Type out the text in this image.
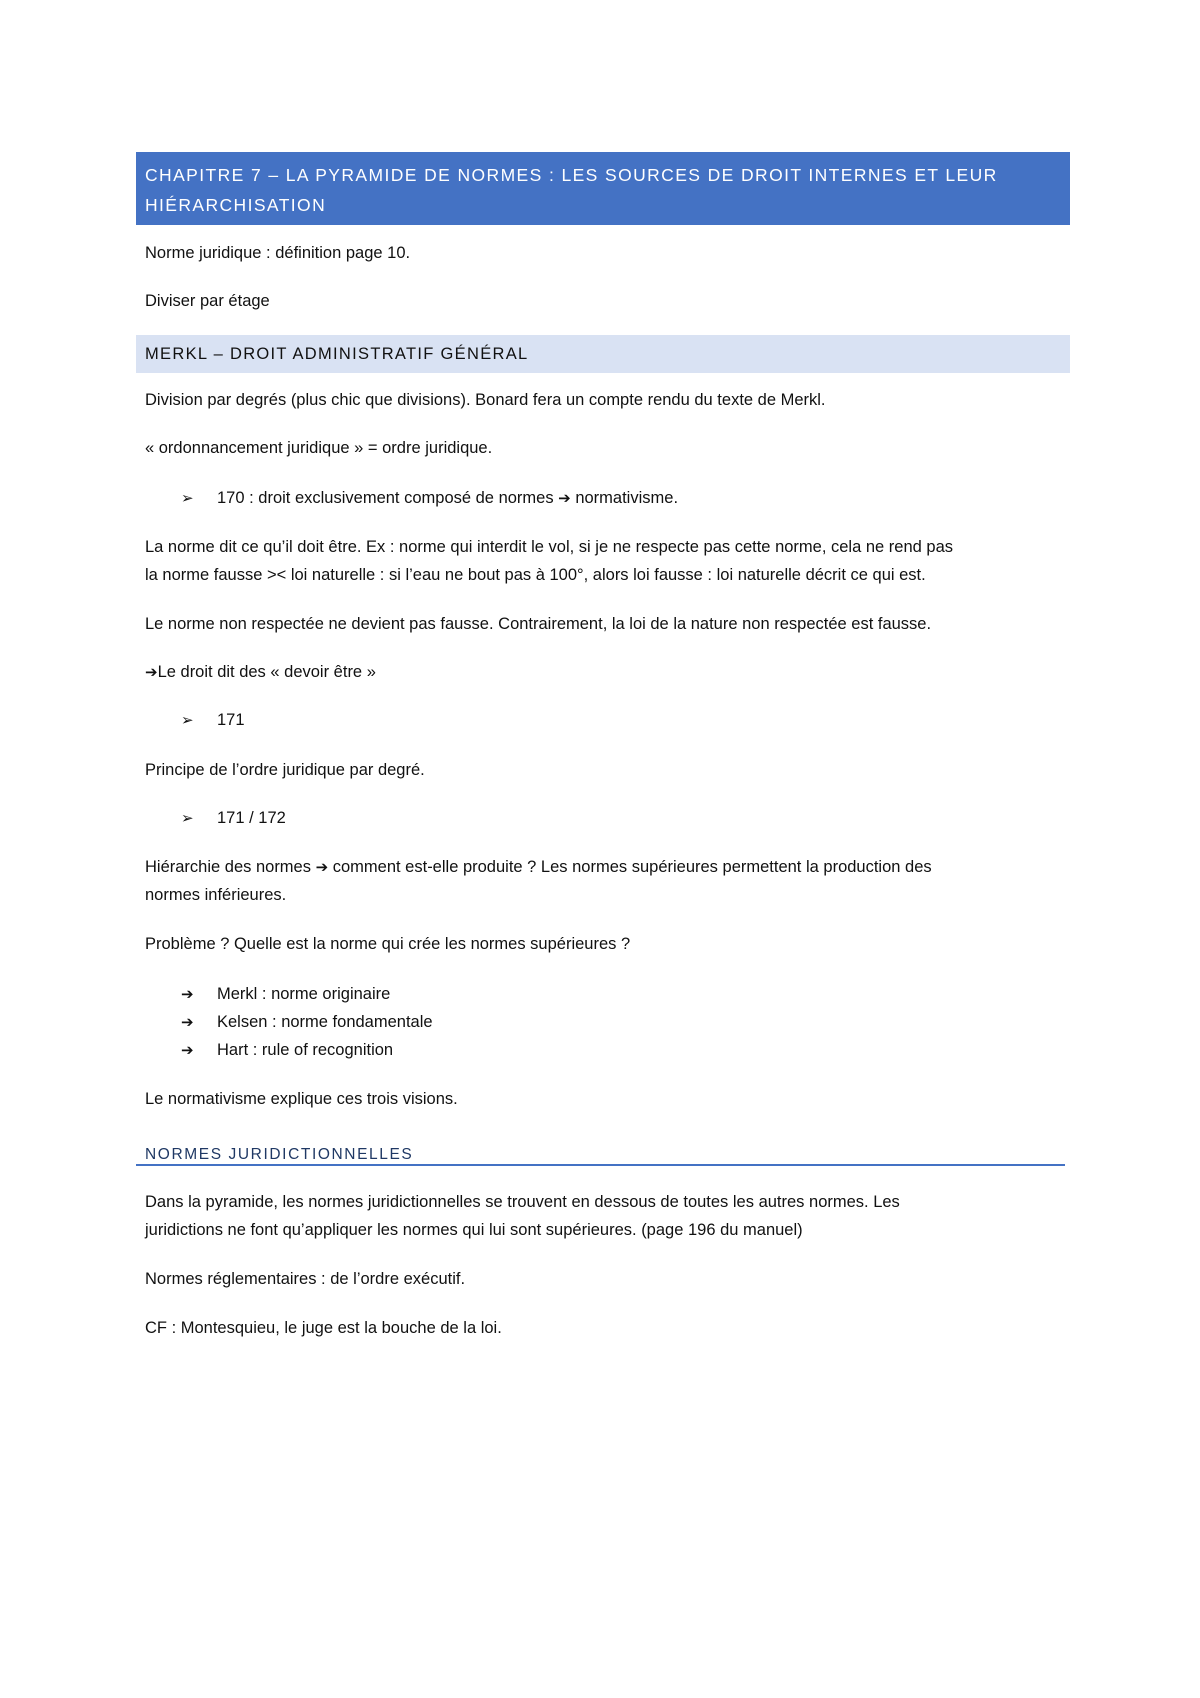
CHAPITRE 7 – LA PYRAMIDE DE NORMES : LES SOURCES DE DROIT INTERNES ET LEUR
HIÉRARCHISATION
Norme juridique : définition page 10.
Diviser par étage
MERKL – DROIT ADMINISTRATIF GÉNÉRAL
Division par degrés (plus chic que divisions). Bonard fera un compte rendu du texte de Merkl.
« ordonnancement juridique » = ordre juridique.
➢ 170 : droit exclusivement composé de normes ➔ normativisme.
La norme dit ce qu’il doit être. Ex : norme qui interdit le vol, si je ne respecte pas cette norme, cela ne rend pas
la norme fausse >< loi naturelle : si l’eau ne bout pas à 100°, alors loi fausse : loi naturelle décrit ce qui est.
Le norme non respectée ne devient pas fausse. Contrairement, la loi de la nature non respectée est fausse.
➔Le droit dit des « devoir être »
➢ 171
Principe de l’ordre juridique par degré.
➢ 171 / 172
Hiérarchie des normes ➔ comment est-elle produite ? Les normes supérieures permettent la production des
normes inférieures.
Problème ? Quelle est la norme qui crée les normes supérieures ?
➔ Merkl : norme originaire
➔ Kelsen : norme fondamentale
➔ Hart : rule of recognition
Le normativisme explique ces trois visions.
NORMES JURIDICTIONNELLES
Dans la pyramide, les normes juridictionnelles se trouvent en dessous de toutes les autres normes. Les
juridictions ne font qu’appliquer les normes qui lui sont supérieures. (page 196 du manuel)
Normes réglementaires : de l’ordre exécutif.
CF : Montesquieu, le juge est la bouche de la loi.
